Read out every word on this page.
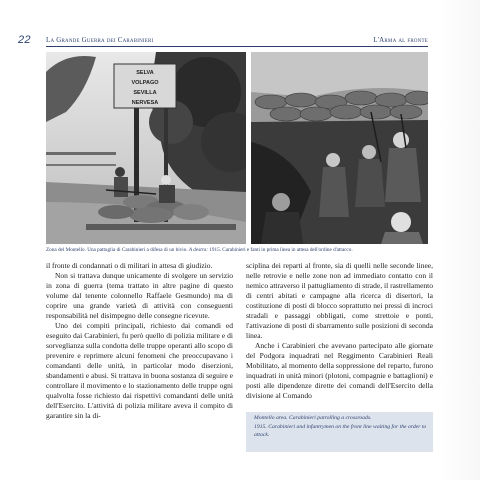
22 La Grande Guerra dei Carabinieri	L'Arma al fronte
SELVA
VOLPAGO
SEVILLA
NERVESA
Zona del Montello. Una pattuglia di Carabinieri a difesa di un bivio. A destra: 1915. Carabinieri e fanti in prima linea in attesa dell'ordine d'attacco.

il fronte di condannati o di militari in attesa di giudizio.

Non si trattava dunque unicamente di svolgere un servizio in zona di guerra (tema trattato in altre pagine di questo volume dal tenente colonnello Raffaele Gesmundo) ma di coprire una grande varietà di attività con conseguenti responsabilità nel disimpegno delle consegne ricevute.

Uno dei compiti principali, richiesto dai comandi ed eseguito dai Carabinieri, fu però quello di polizia militare e di sorveglianza sulla condotta delle truppe operanti allo scopo di prevenire e reprimere alcuni fenomeni che preoccupavano i comandanti delle unità, in particolar modo diserzioni, sbandamenti e abusi. Si trattava in buona sostanza di seguire e controllare il movimento e lo stazionamento delle truppe ogni qualvolta fosse richiesto dai rispettivi comandanti delle unità dell'Esercito. L'attività di polizia militare aveva il compito di garantire sin la di-

sciplina dei reparti al fronte, sia di quelli nelle seconde linee, nelle retrovie e nelle zone non ad immediato contatto con il nemico attraverso il pattugliamento di strade, il rastrellamento di centri abitati e campagne alla ricerca di disertori, la costituzione di posti di blocco soprattutto nei pressi di incroci stradali e passaggi obbligati, come strettoie e ponti, l'attivazione di posti di sbarramento sulle posizioni di seconda linea.

Anche i Carabinieri che avevano partecipato alle giornate del Podgora inquadrati nel Reggimento Carabinieri Reali Mobilitato, al momento della soppressione del reparto, furono inquadrati in unità minori (plotoni, compagnie e battaglioni) e posti alle dipendenze dirette dei comandi dell'Esercito della divisione al Comando

Montello area. Carabinieri patrolling a crossroads.

1915. Carabinieri and infantrymen on the front line waiting for the order to attack.
